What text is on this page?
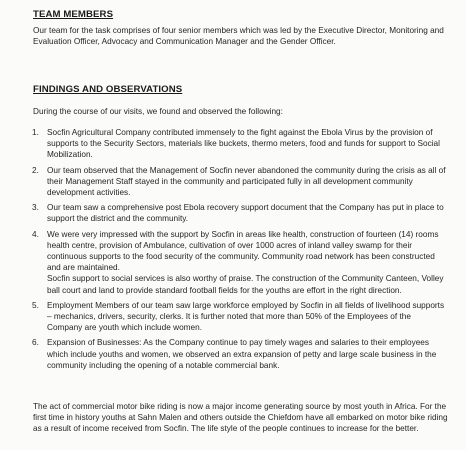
TEAM MEMBERS
Our team for the task comprises of four senior members which was led by the Executive Director, Monitoring and Evaluation Officer, Advocacy and Communication Manager and the Gender Officer.
FINDINGS AND OBSERVATIONS
During the course of our visits, we found and observed the following:
1. Socfin Agricultural Company contributed immensely to the fight against the Ebola Virus by the provision of supports to the Security Sectors, materials like buckets, thermo meters, food and funds for support to Social Mobilization.
2. Our team observed that the Management of Socfin never abandoned the community during the crisis as all of their Management Staff stayed in the community and participated fully in all development community development activities.
3. Our team saw a comprehensive post Ebola recovery support document that the Company has put in place to support the district and the community.
4. We were very impressed with the support by Socfin in areas like health, construction of fourteen (14) rooms health centre, provision of Ambulance, cultivation of over 1000 acres of inland valley swamp for their continuous supports to the food security of the community. Community road network has been constructed and are maintained.
Socfin support to social services is also worthy of praise. The construction of the Community Canteen, Volley ball court and land to provide standard football fields for the youths are effort in the right direction.
5. Employment Members of our team saw large workforce employed by Socfin in all fields of livelihood supports – mechanics, drivers, security, clerks. It is further noted that more than 50% of the Employees of the Company are youth which include women.
6. Expansion of Businesses: As the Company continue to pay timely wages and salaries to their employees which include youths and women, we observed an extra expansion of petty and large scale business in the community including the opening of a notable commercial bank.
The act of commercial motor bike riding is now a major income generating source by most youth in Africa. For the first time in history youths at Sahn Malen and others outside the Chiefdom have all embarked on motor bike riding as a result of income received from Socfin. The life style of the people continues to increase for the better.
